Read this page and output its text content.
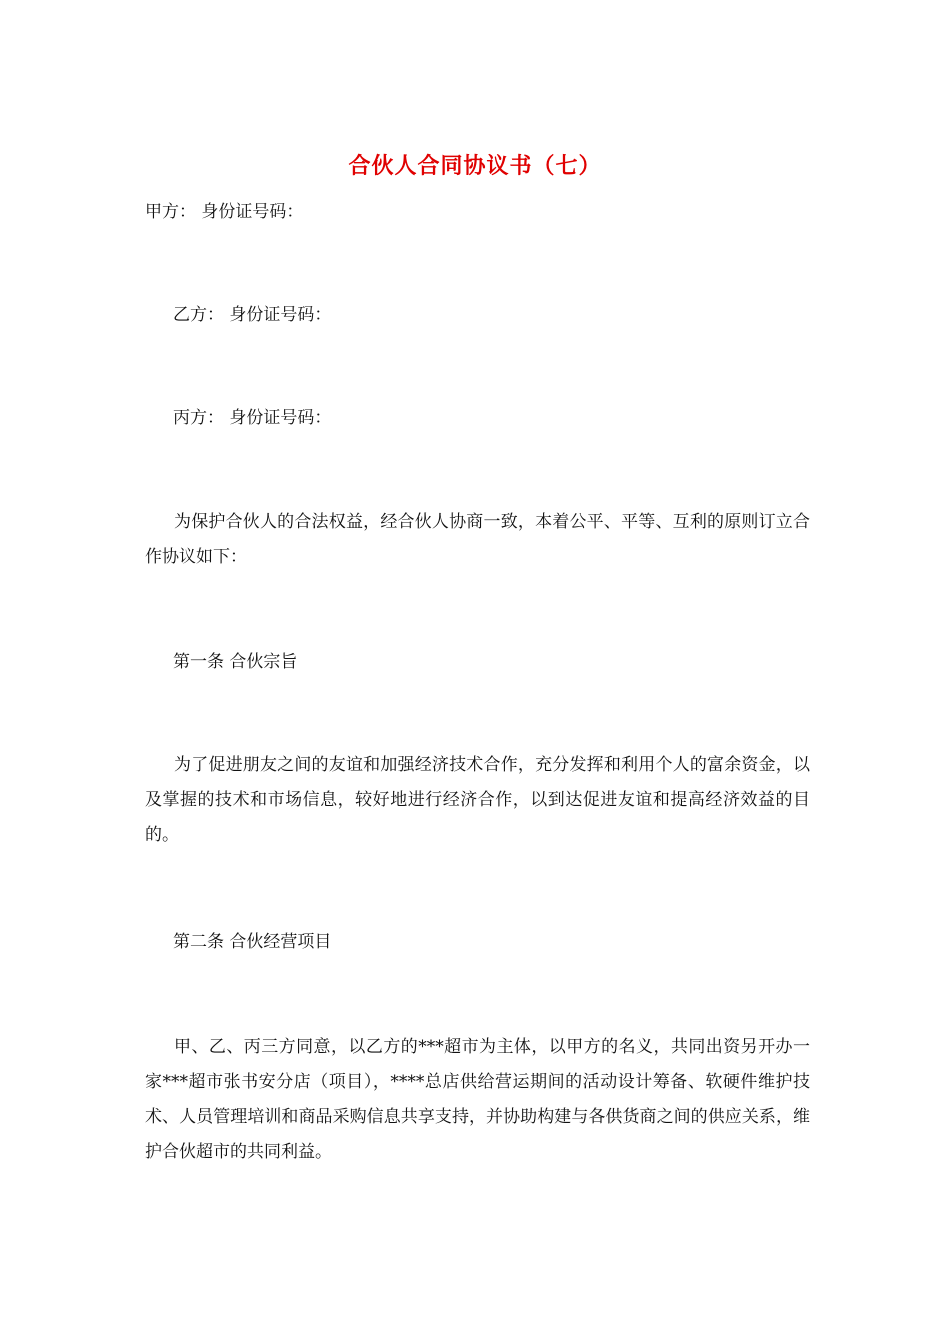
合伙人合同协议书（七）
甲方： 身份证号码：
乙方： 身份证号码：
丙方： 身份证号码：

为保护合伙人的合法权益，经合伙人协商一致，本着公平、平等、互利的原则订立合作协议如下：

第一条 合伙宗旨

为了促进朋友之间的友谊和加强经济技术合作，充分发挥和利用个人的富余资金，以及掌握的技术和市场信息，较好地进行经济合作，以到达促进友谊和提高经济效益的目的。

第二条 合伙经营项目

甲、乙、丙三方同意，以乙方的***超市为主体，以甲方的名义，共同出资另开办一家***超市张书安分店（项目），****总店供给营运期间的活动设计筹备、软硬件维护技术、人员管理培训和商品采购信息共享支持，并协助构建与各供货商之间的供应关系，维护合伙超市的共同利益。
